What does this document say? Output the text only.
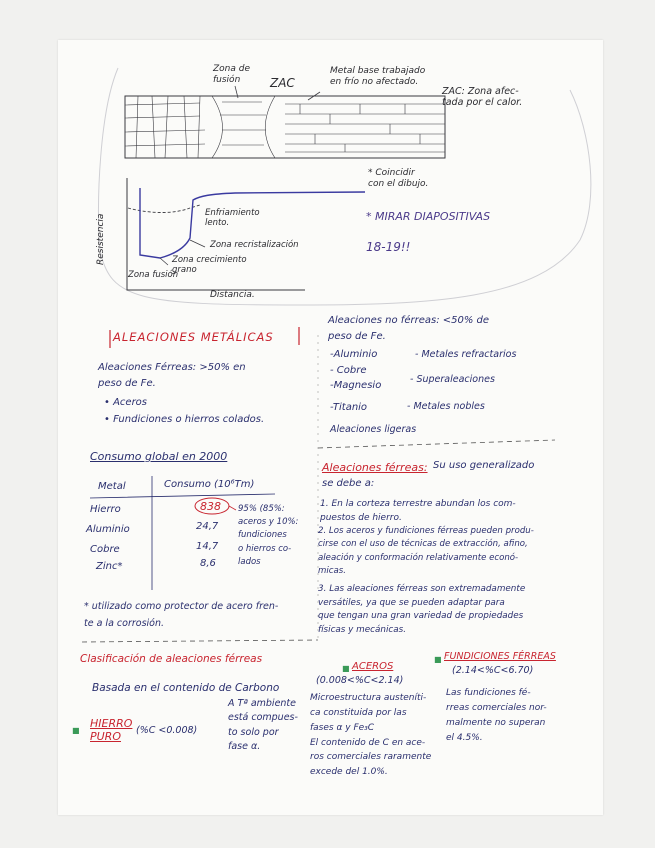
Zona de
fusión	ZAC
Metal base trabajado
en frío no afectado.
ZAC: Zona afec-
tada por el calor.
* Coincidir
con el dibujo.
* MIRAR DIAPOSITIVAS
18-19!!
Enfriamiento
lento.
Zona recristalización
Zona crecimiento
grano
Resistencia
Zona fusión
Distancia.
ALEACIONES METÁLICAS
Aleaciones Férreas: >50% en
peso de Fe.
• Aceros
• Fundiciones o hierros colados.
Aleaciones no férreas: <50% de
peso de Fe.
-Aluminio
- Cobre
-Magnesio
-Titanio
- Metales refractarios
- Superaleaciones
- Metales nobles
Aleaciones ligeras
Consumo global en 2000
Metal	Consumo (10⁶Tm)
Hierro	838
Aluminio	24,7
Cobre	14,7
Zinc*	8,6
95% (85%:
aceros y 10%:
fundiciones
o hierros co-
lados
* utilizado como protector de acero fren-
te a la corrosión.
Aleaciones férreas: Su uso generalizado
se debe a:
1. En la corteza terrestre abundan los com-
puestos de hierro.
2. Los aceros y fundiciones férreas pueden produ-
cirse con el uso de técnicas de extracción, afino,
aleación y conformación relativamente econó-
micas.
3. Las aleaciones férreas son extremadamente
versátiles, ya que se pueden adaptar para
que tengan una gran variedad de propiedades
físicas y mecánicas.
Clasificación de aleaciones férreas
Basada en el contenido de Carbono
■
HIERRO
PURO	(%C <0.008)
A Tª ambiente
está compues-
to solo por
fase α.
■ ACEROS
(0.008<%C<2.14)
Microestructura austeníti-
ca constituida por las
fases α y Fe₃C
El contenido de C en ace-
ros comerciales raramente
excede del 1.0%.
■ FUNDICIONES FÉRREAS
(2.14<%C<6.70)
Las fundiciones fé-
rreas comerciales nor-
malmente no superan
el 4.5%.
